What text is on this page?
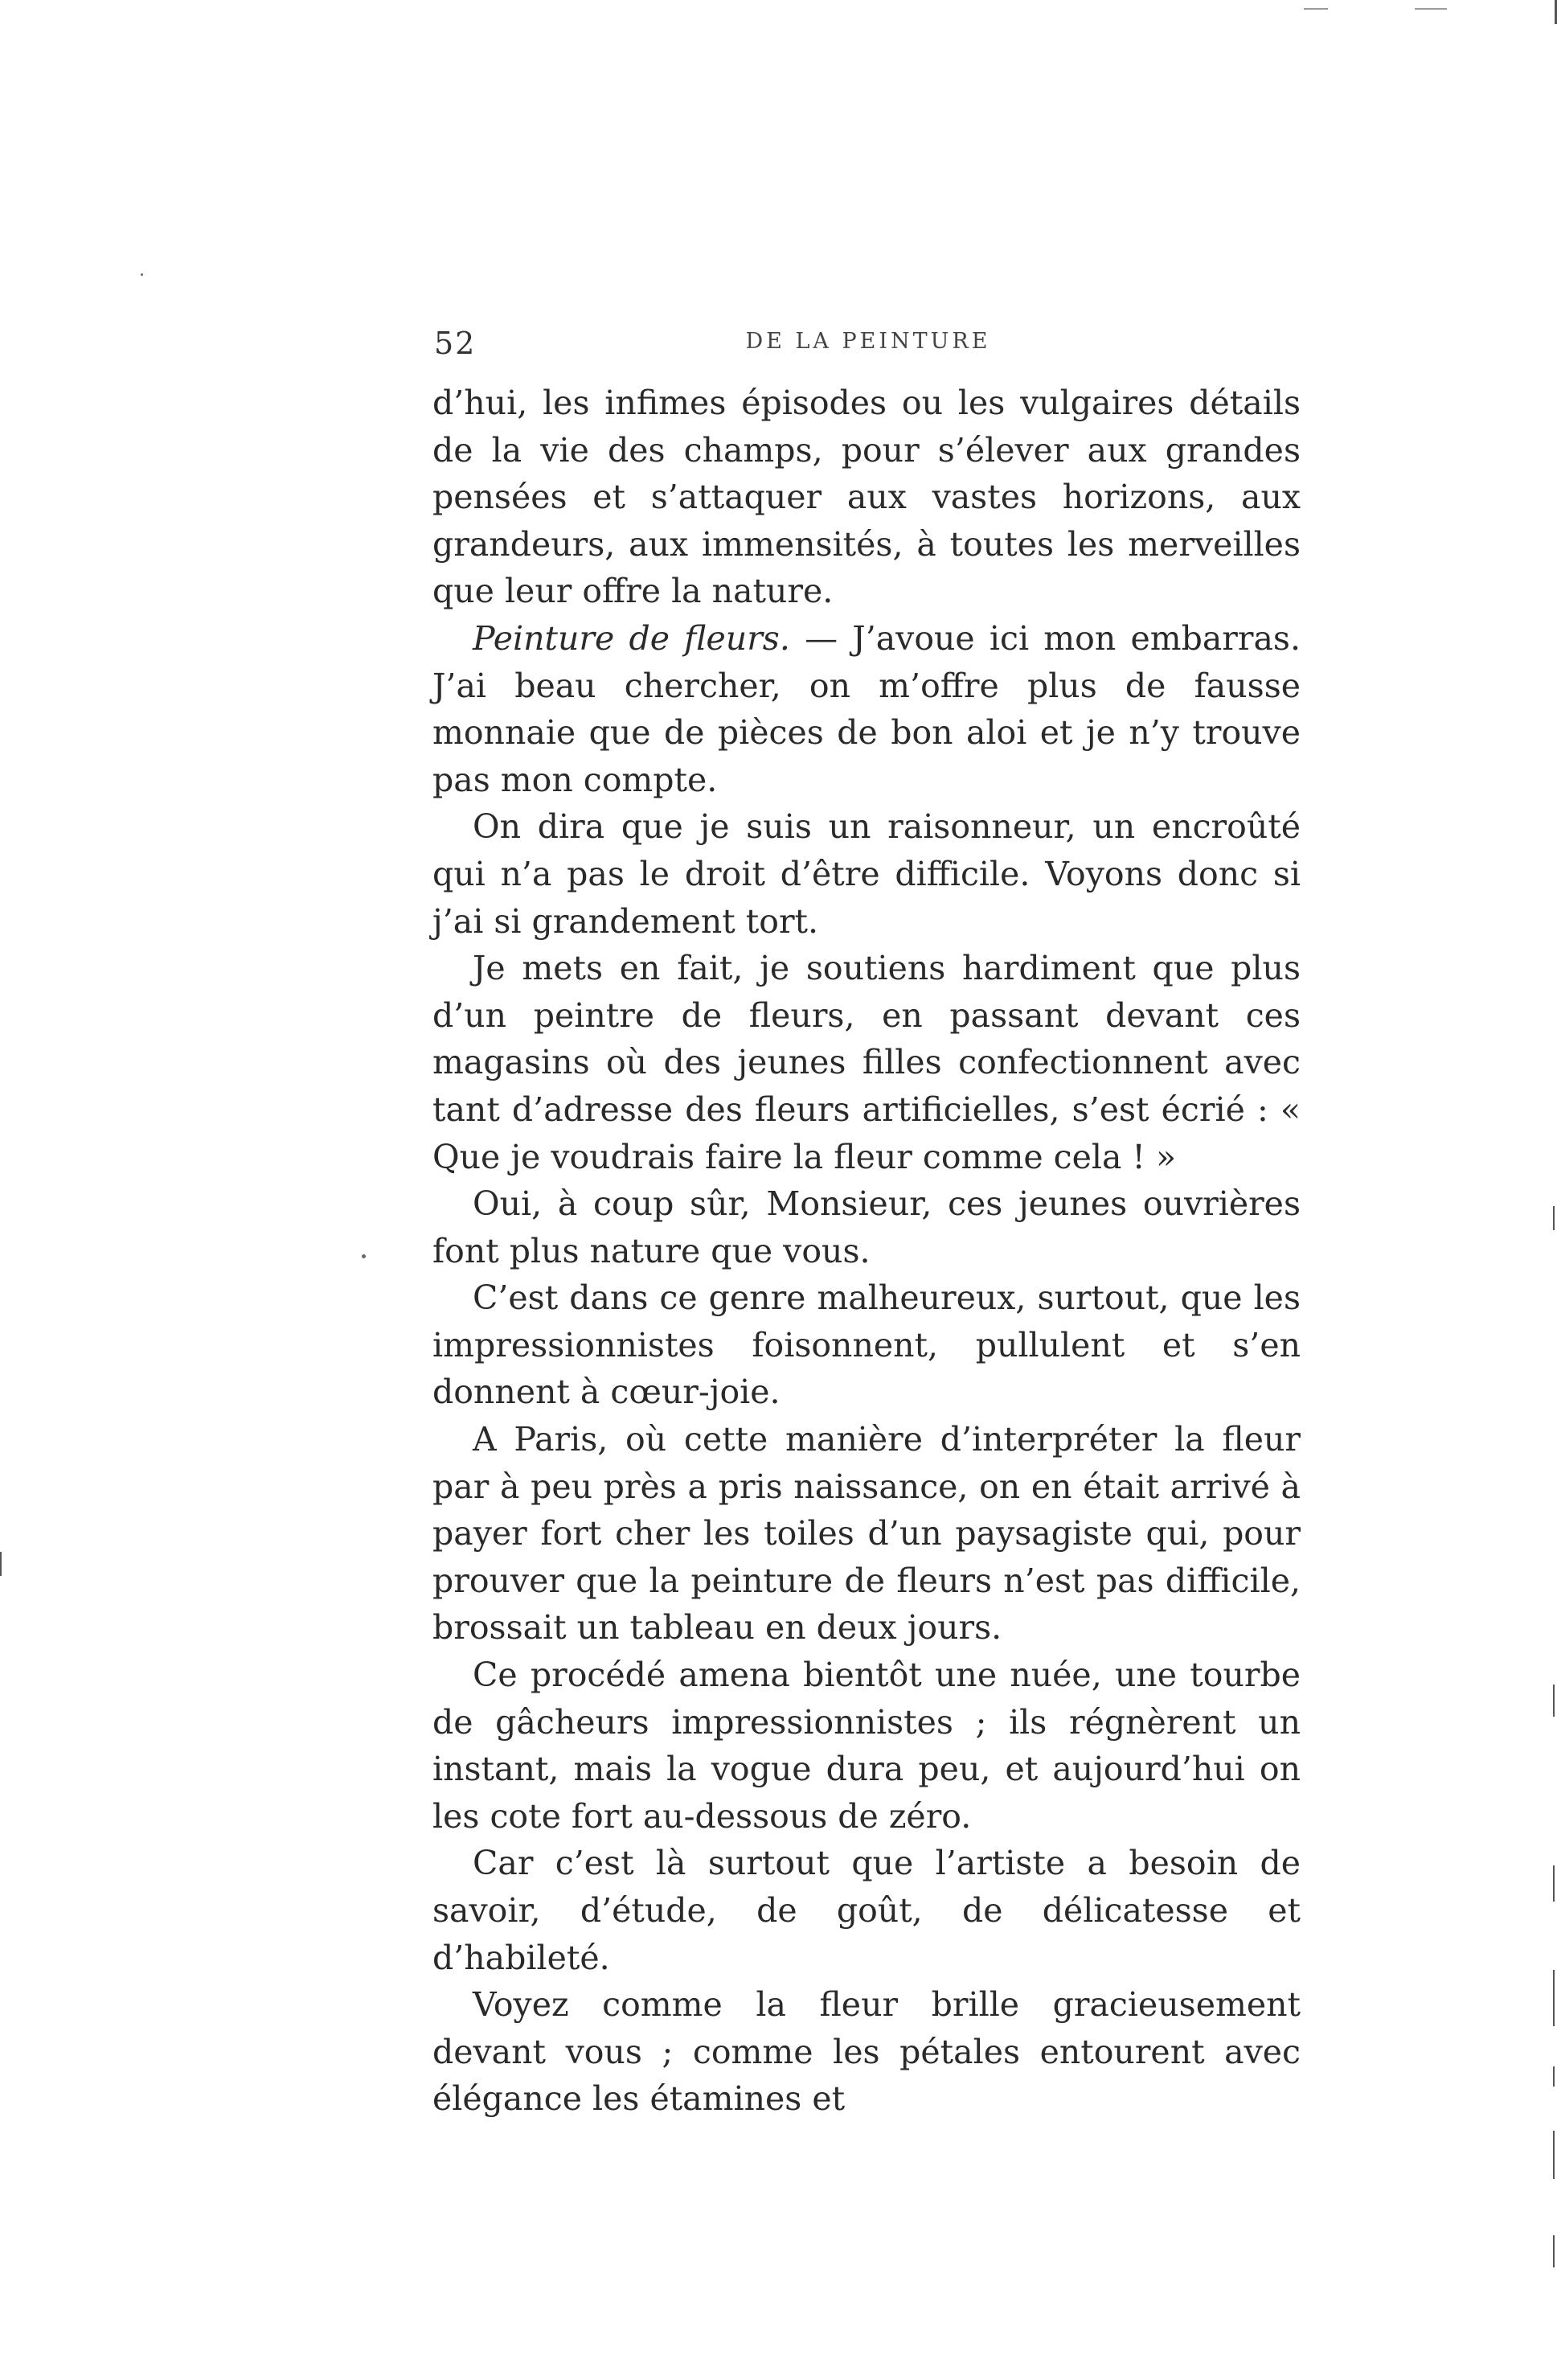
52	DE LA PEINTURE

d’hui, les infimes épisodes ou les vulgaires détails de la vie des champs, pour s’élever aux grandes pensées et s’attaquer aux vastes horizons, aux grandeurs, aux immensités, à toutes les merveilles que leur offre la nature.

Peinture de fleurs. — J’avoue ici mon embarras. J’ai beau chercher, on m’offre plus de fausse monnaie que de pièces de bon aloi et je n’y trouve pas mon compte.

On dira que je suis un raisonneur, un encroûté qui n’a pas le droit d’être difficile. Voyons donc si j’ai si grandement tort.

Je mets en fait, je soutiens hardiment que plus d’un peintre de fleurs, en passant devant ces magasins où des jeunes filles confectionnent avec tant d’adresse des fleurs artificielles, s’est écrié : « Que je voudrais faire la fleur comme cela ! »

Oui, à coup sûr, Monsieur, ces jeunes ouvrières font plus nature que vous.

C’est dans ce genre malheureux, surtout, que les impressionnistes foisonnent, pullulent et s’en donnent à cœur-joie.

A Paris, où cette manière d’interpréter la fleur par à peu près a pris naissance, on en était arrivé à payer fort cher les toiles d’un paysagiste qui, pour prouver que la peinture de fleurs n’est pas difficile, brossait un tableau en deux jours.

Ce procédé amena bientôt une nuée, une tourbe de gâcheurs impressionnistes ; ils régnèrent un instant, mais la vogue dura peu, et aujourd’hui on les cote fort au-dessous de zéro.

Car c’est là surtout que l’artiste a besoin de savoir, d’étude, de goût, de délicatesse et d’habileté.

Voyez comme la fleur brille gracieusement devant vous ; comme les pétales entourent avec élégance les étamines et
